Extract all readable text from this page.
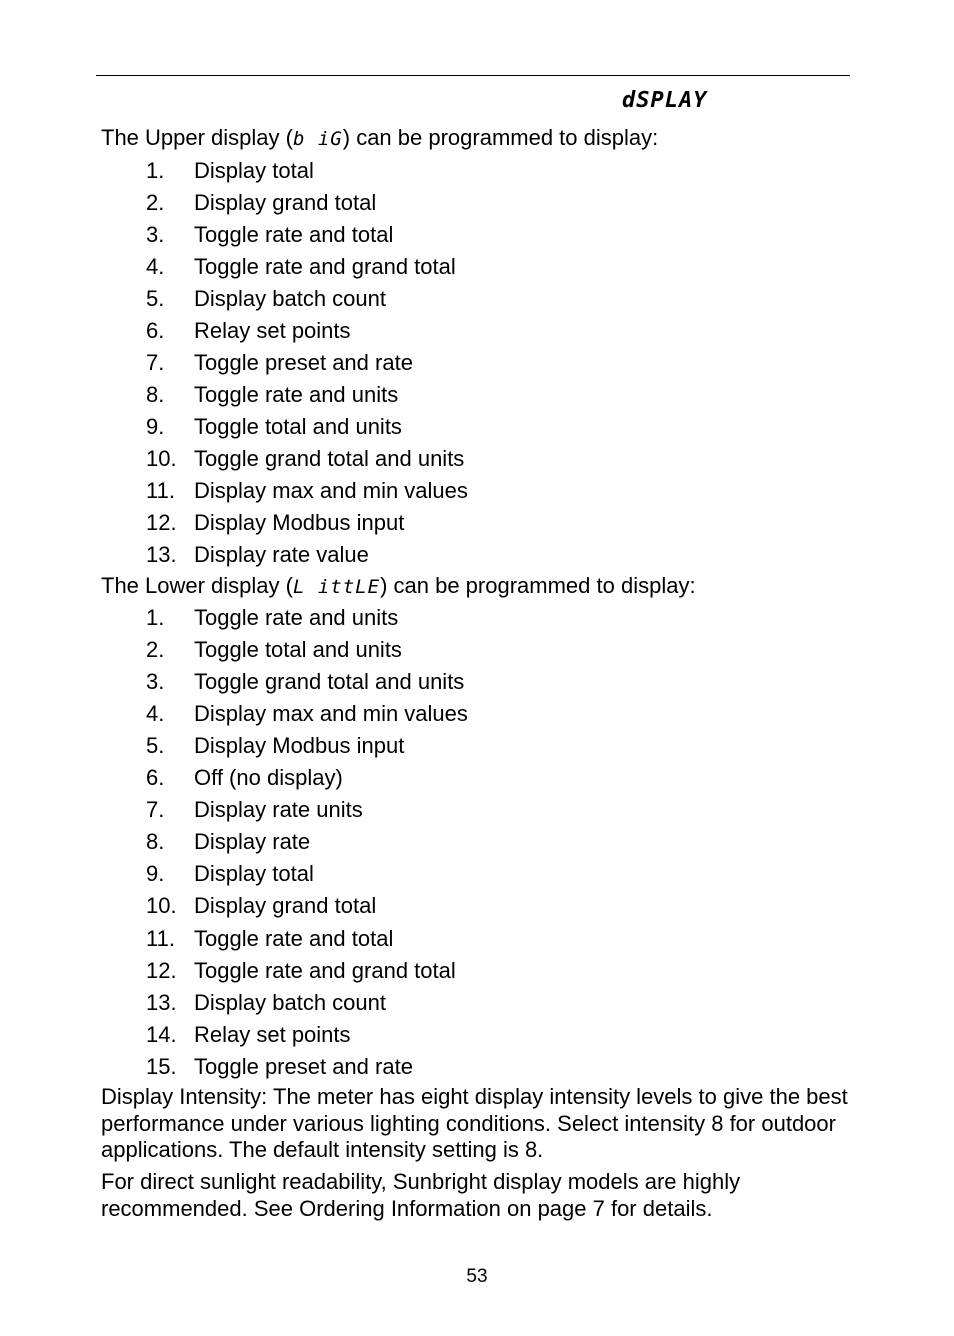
dSPLAY
The Upper display (b iG) can be programmed to display:
1. Display total
2. Display grand total
3. Toggle rate and total
4. Toggle rate and grand total
5. Display batch count
6. Relay set points
7. Toggle preset and rate
8. Toggle rate and units
9. Toggle total and units
10. Toggle grand total and units
11. Display max and min values
12. Display Modbus input
13. Display rate value
The Lower display (L ittLE) can be programmed to display:
1. Toggle rate and units
2. Toggle total and units
3. Toggle grand total and units
4. Display max and min values
5. Display Modbus input
6. Off (no display)
7. Display rate units
8. Display rate
9. Display total
10. Display grand total
11. Toggle rate and total
12. Toggle rate and grand total
13. Display batch count
14. Relay set points
15. Toggle preset and rate
Display Intensity: The meter has eight display intensity levels to give the best performance under various lighting conditions. Select intensity 8 for outdoor applications. The default intensity setting is 8.
For direct sunlight readability, Sunbright display models are highly recommended. See Ordering Information on page 7 for details.
53
